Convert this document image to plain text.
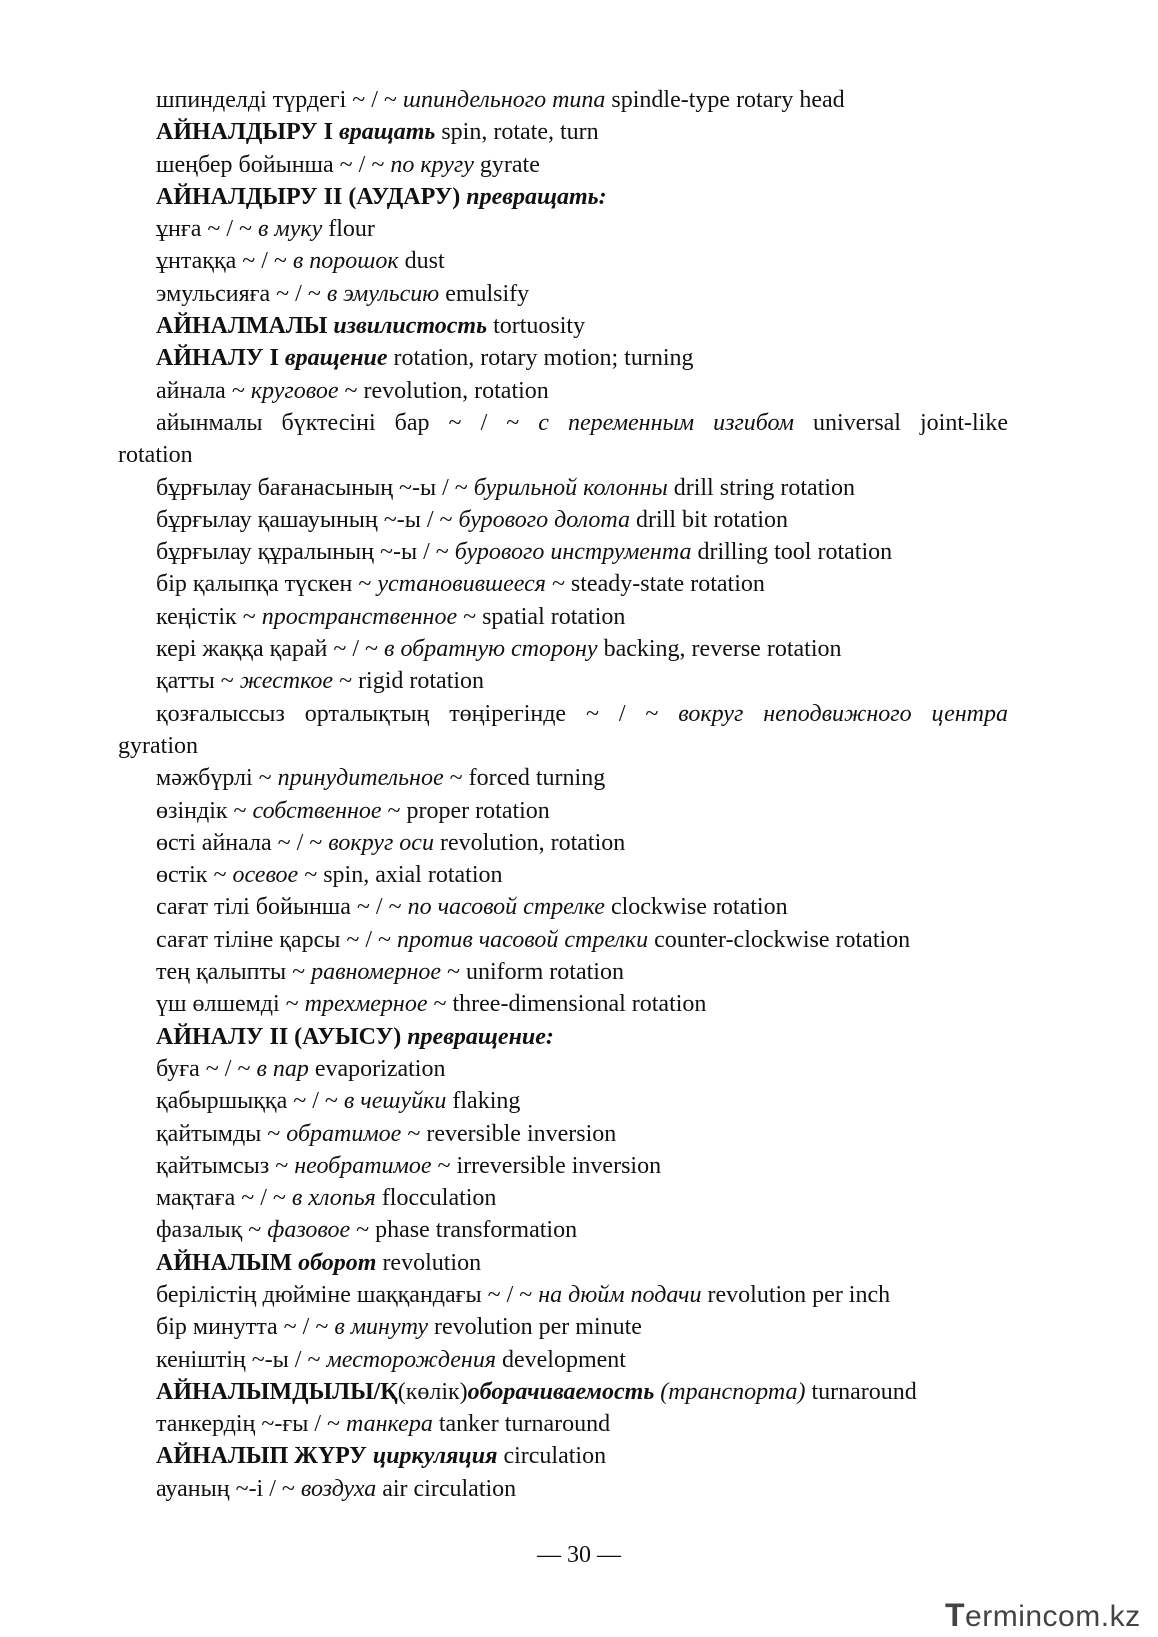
шпинделді түрдегі ~ / ~ шпиндельного типа spindle-type rotary head
АЙНАЛДЫРУ І вращать spin, rotate, turn
шеңбер бойынша ~ / ~ по кругу gyrate
АЙНАЛДЫРУ ІІ (АУДАРУ) превращать:
ұнға ~ / ~ в муку flour
ұнтаққа ~ / ~ в порошок dust
эмульсияға ~ / ~ в эмульсию emulsify
АЙНАЛМАЛЫ извилистость tortuosity
АЙНАЛУ І вращение rotation, rotary motion; turning
айнала ~ круговое ~ revolution, rotation
айынмалы бүктесіні бар ~ / ~ с переменным изгибом universal joint-like
rotation
бұрғылау бағанасының ~-ы / ~ бурильной колонны drill string rotation
бұрғылау қашауының ~-ы / ~ бурового долота drill bit rotation
бұрғылау құралының ~-ы / ~ бурового инструмента drilling tool rotation
бір қалыпқа түскен ~ установившееся ~ steady-state rotation
кеңістік ~ пространственное ~ spatial rotation
кері жаққа қарай ~ / ~ в обратную сторону backing, reverse rotation
қатты ~ жесткое ~ rigid rotation
қозғалыссыз орталықтың төңірегінде ~ / ~ вокруг неподвижного центра
gyration
мәжбүрлі ~ принудительное ~ forced turning
өзіндік ~ собственное ~ proper rotation
өсті айнала ~ / ~ вокруг оси revolution, rotation
өстік ~ осевое ~ spin, axial rotation
сағат тілі бойынша ~ / ~ по часовой стрелке clockwise rotation
сағат тіліне қарсы ~ / ~ против часовой стрелки counter-clockwise rotation
тең қалыпты ~ равномерное ~ uniform rotation
үш өлшемді ~ трехмерное ~ three-dimensional rotation
АЙНАЛУ ІІ (АУЫСУ) превращение:
буға ~ / ~ в пар evaporization
қабыршыққа ~ / ~ в чешуйки flaking
қайтымды ~ обратимое ~ reversible inversion
қайтымсыз ~ необратимое ~ irreversible inversion
мақтаға ~ / ~ в хлопья flocculation
фазалық ~ фазовое ~ phase transformation
АЙНАЛЫМ оборот revolution
берілістің дюйміне шаққандағы ~ / ~ на дюйм подачи revolution per inch
бір минутта ~ / ~ в минуту revolution per minute
кеніштің ~-ы / ~ месторождения development
АЙНАЛЫМДЫЛЫ/Қ(көлік)оборачиваемость (транспорта) turnaround
танкердің ~-ғы / ~ танкера tanker turnaround
АЙНАЛЫП ЖҮРУ циркуляция circulation
ауаның ~-і / ~ воздуха air circulation
— 30 —
Termincom.kz
